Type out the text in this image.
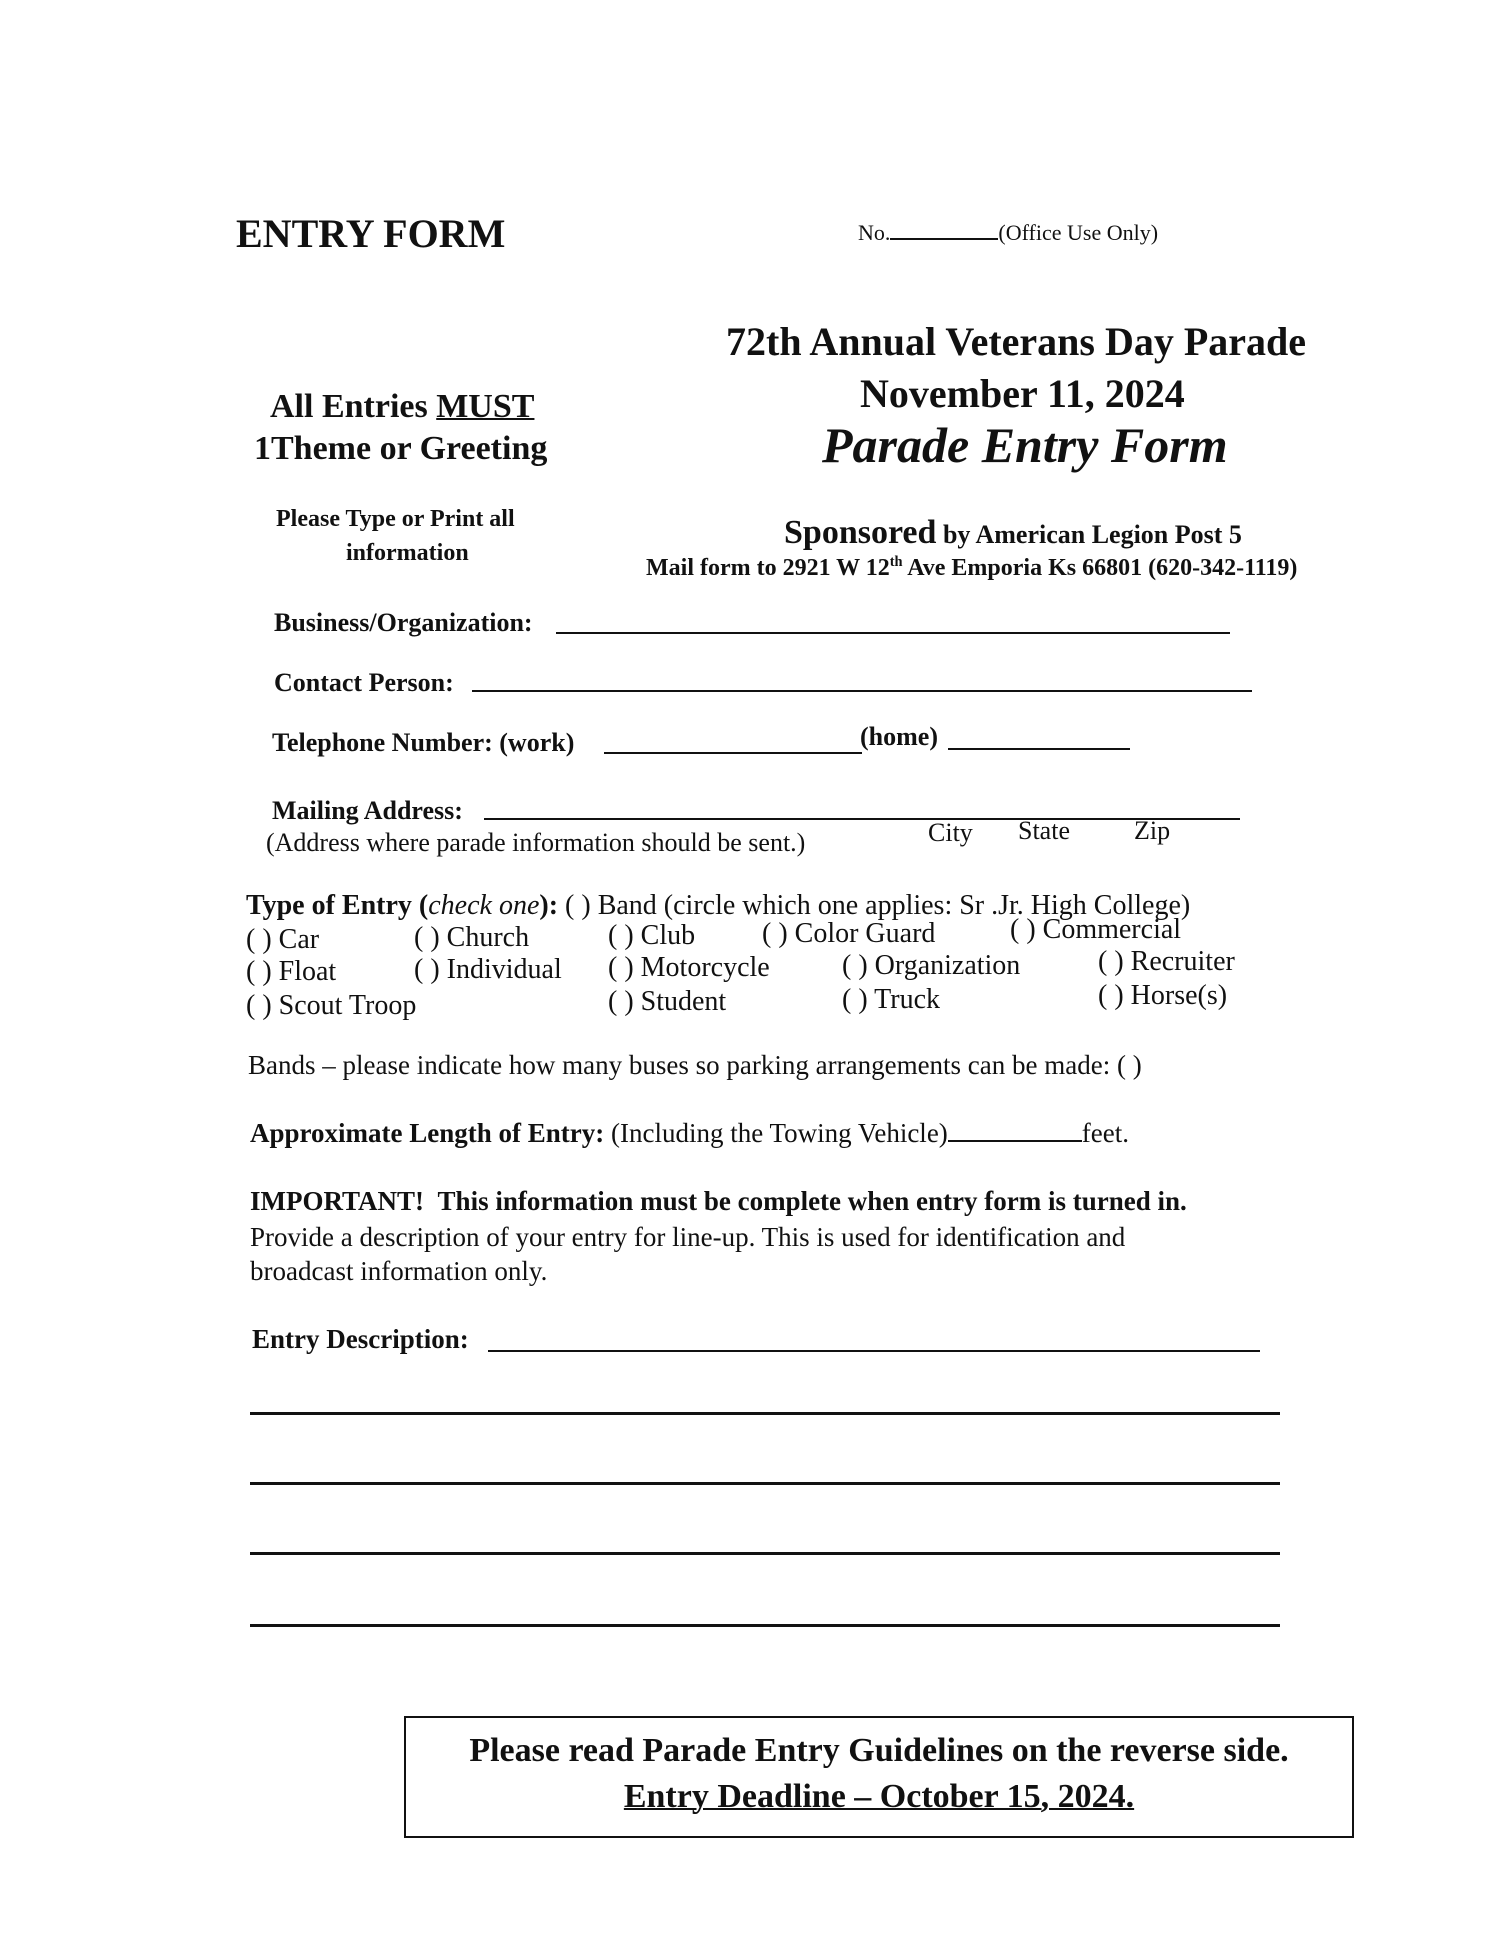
ENTRY FORM	No.	(Office Use Only)
72th Annual Veterans Day Parade
November 11, 2024
Parade Entry Form
All Entries MUST
1Theme or Greeting
Please Type or Print all
information
Sponsored by American Legion Post 5
Mail form to 2921 W 12th Ave Emporia Ks 66801 (620-342-1119)
Business/Organization:
Contact Person:
Telephone Number: (work)	(home)
Mailing Address:
(Address where parade information should be sent.)	City State Zip
Type of Entry (check one): ( ) Band (circle which one applies: Sr .Jr. High College)
( ) Car	( ) Church	( ) Club ( ) Color Guard	( ) Commercial
( ) Float	( ) Individual ( ) Motorcycle	( ) Organization	( ) Recruiter
( ) Scout Troop	( ) Student	( ) Truck	( ) Horse(s)
Bands – please indicate how many buses so parking arrangements can be made: ( )
Approximate Length of Entry: (Including the Towing Vehicle)	feet.
IMPORTANT! This information must be complete when entry form is turned in.
Provide a description of your entry for line-up. This is used for identification and
broadcast information only.
Entry Description:
Please read Parade Entry Guidelines on the reverse side.
Entry Deadline – October 15, 2024.
